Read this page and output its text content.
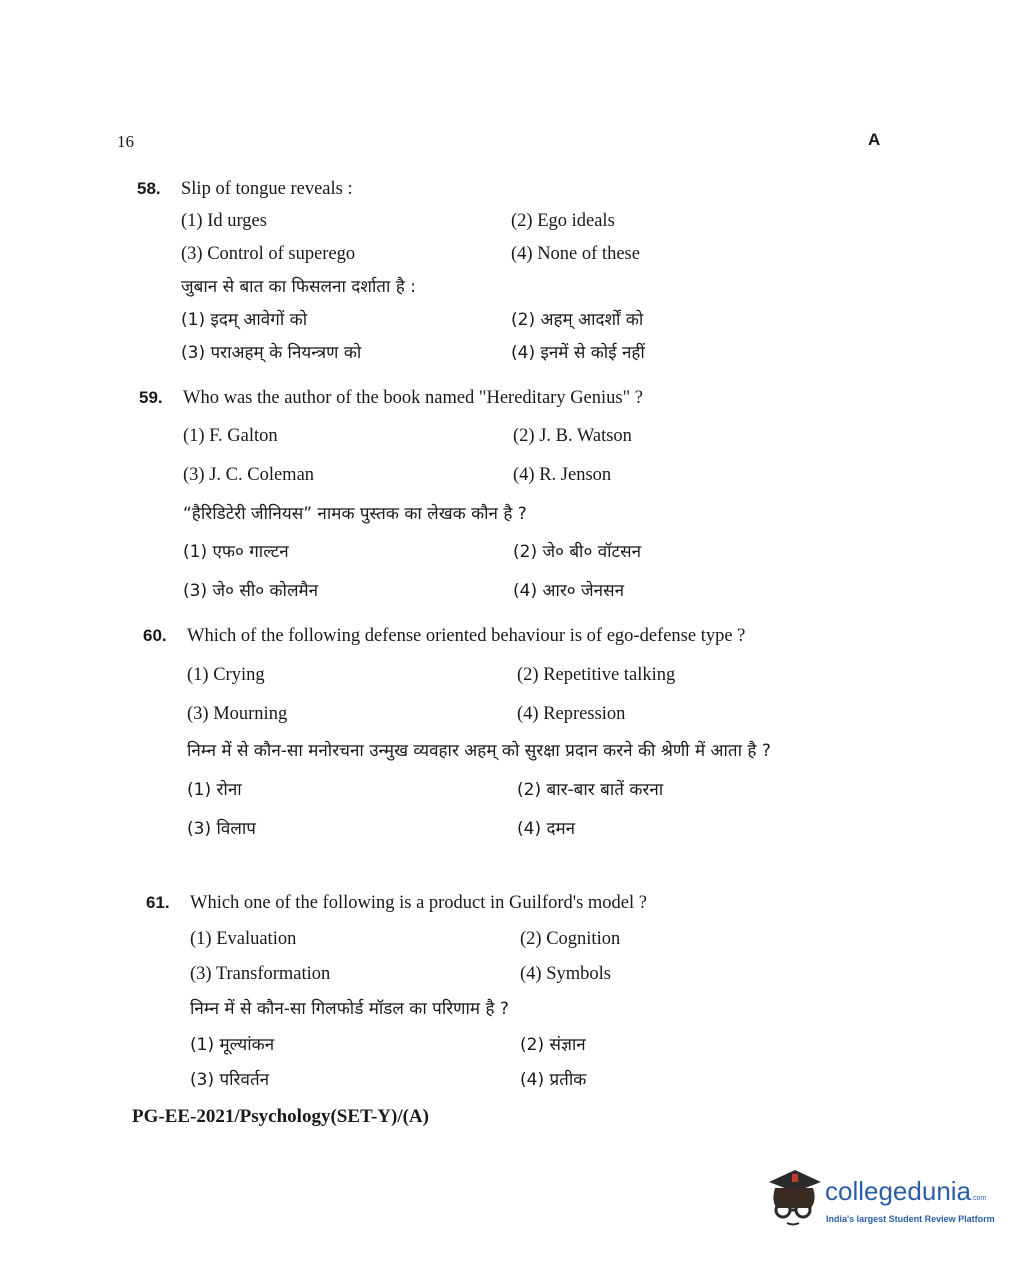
16	A
58.	Slip of tongue reveals :
(1) Id urges	(2) Ego ideals
(3) Control of superego	(4) None of these
जुबान से बात का फिसलना दर्शाता है :
(1) इदम् आवेगों को	(2) अहम् आदर्शों को
(3) पराअहम् के नियन्त्रण को	(4) इनमें से कोई नहीं
59.	Who was the author of the book named "Hereditary Genius" ?
(1) F. Galton	(2) J. B. Watson
(3) J. C. Coleman	(4) R. Jenson
“हैरिडिटेरी जीनियस” नामक पुस्तक का लेखक कौन है ?
(1) एफ० गाल्टन	(2) जे० बी० वॉटसन
(3) जे० सी० कोलमैन	(4) आर० जेनसन
60.	Which of the following defense oriented behaviour is of ego-defense type ?
(1) Crying	(2) Repetitive talking
(3) Mourning	(4) Repression
निम्न में से कौन-सा मनोरचना उन्मुख व्यवहार अहम् को सुरक्षा प्रदान करने की श्रेणी में आता है ?
(1) रोना	(2) बार-बार बातें करना
(3) विलाप	(4) दमन
61.	Which one of the following is a product in Guilford's model ?
(1) Evaluation	(2) Cognition
(3) Transformation	(4) Symbols
निम्न में से कौन-सा गिलफोर्ड मॉडल का परिणाम है ?
(1) मूल्यांकन	(2) संज्ञान
(3) परिवर्तन	(4) प्रतीक
PG-EE-2021/Psychology(SET-Y)/(A)
collegedunia.com
India's largest Student Review Platform
